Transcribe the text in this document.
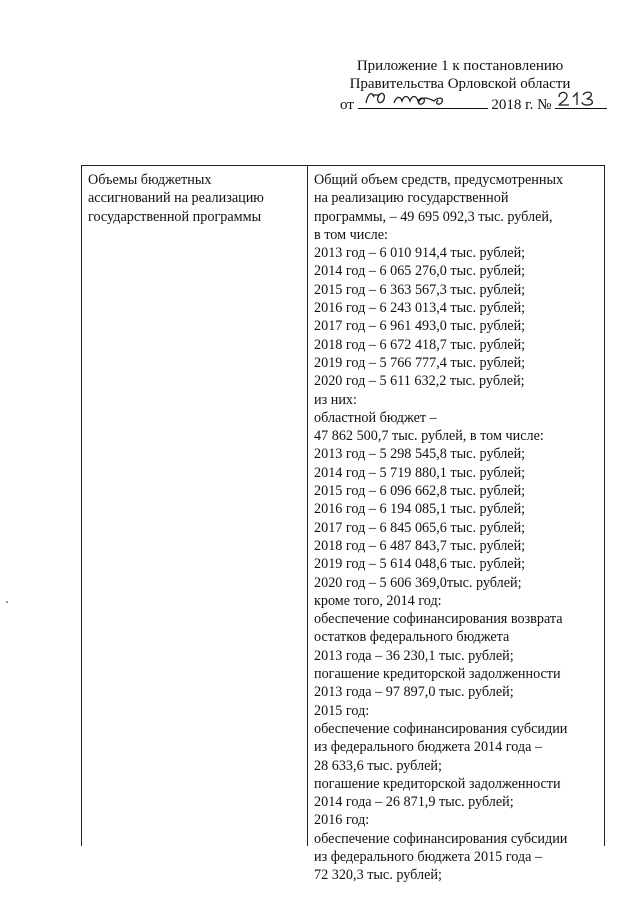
Приложение 1 к постановлению
Правительства Орловской области
от	2018 г. №
Объемы бюджетных
ассигнований на реализацию
государственной программы
Общий объем средств, предусмотренных
на реализацию государственной
программы, – 49 695 092,3 тыс. рублей,
в том числе:
2013 год – 6 010 914,4 тыс. рублей;
2014 год – 6 065 276,0 тыс. рублей;
2015 год – 6 363 567,3 тыс. рублей;
2016 год – 6 243 013,4 тыс. рублей;
2017 год – 6 961 493,0 тыс. рублей;
2018 год – 6 672 418,7 тыс. рублей;
2019 год – 5 766 777,4 тыс. рублей;
2020 год – 5 611 632,2 тыс. рублей;
из них:
областной бюджет –
47 862 500,7 тыс. рублей, в том числе:
2013 год – 5 298 545,8 тыс. рублей;
2014 год – 5 719 880,1 тыс. рублей;
2015 год – 6 096 662,8 тыс. рублей;
2016 год – 6 194 085,1 тыс. рублей;
2017 год – 6 845 065,6 тыс. рублей;
2018 год – 6 487 843,7 тыс. рублей;
2019 год – 5 614 048,6 тыс. рублей;
2020 год – 5 606 369,0тыс. рублей;
кроме того, 2014 год:
обеспечение софинансирования возврата
остатков федерального бюджета
2013 года – 36 230,1 тыс. рублей;
погашение кредиторской задолженности
2013 года – 97 897,0 тыс. рублей;
2015 год:
обеспечение софинансирования субсидии
из федерального бюджета 2014 года –
28 633,6 тыс. рублей;
погашение кредиторской задолженности
2014 года – 26 871,9 тыс. рублей;
2016 год:
обеспечение софинансирования субсидии
из федерального бюджета 2015 года –
72 320,3 тыс. рублей;
